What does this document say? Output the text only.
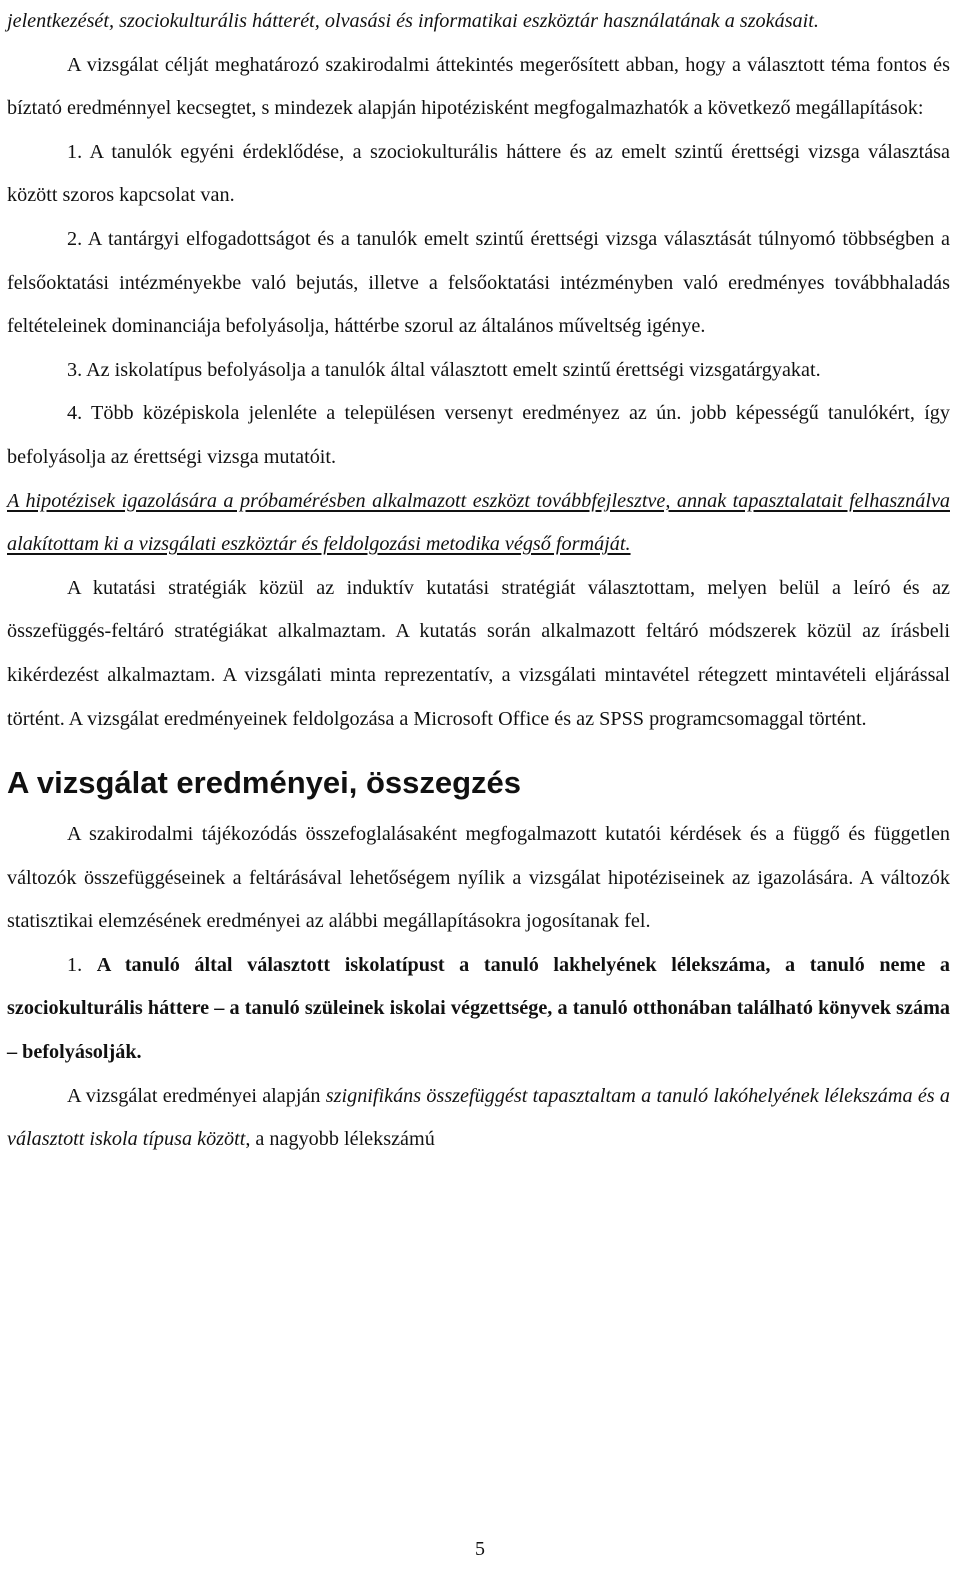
jelentkezését, szociokulturális hátterét, olvasási és informatikai eszköztár használatának a szokásait.

A vizsgálat célját meghatározó szakirodalmi áttekintés megerősített abban, hogy a választott téma fontos és bíztató eredménnyel kecsegtet, s mindezek alapján hipotézisként megfogalmazhatók a következő megállapítások:

1. A tanulók egyéni érdeklődése, a szociokulturális háttere és az emelt szintű érettségi vizsga választása között szoros kapcsolat van.

2. A tantárgyi elfogadottságot és a tanulók emelt szintű érettségi vizsga választását túlnyomó többségben a felsőoktatási intézményekbe való bejutás, illetve a felsőoktatási intézményben való eredményes továbbhaladás feltételeinek dominanciája befolyásolja, háttérbe szorul az általános műveltség igénye.

3. Az iskolatípus befolyásolja a tanulók által választott emelt szintű érettségi vizsgatárgyakat.

4. Több középiskola jelenléte a településen versenyt eredményez az ún. jobb képességű tanulókért, így befolyásolja az érettségi vizsga mutatóit.

A hipotézisek igazolására a próbamérésben alkalmazott eszközt továbbfejlesztve, annak tapasztalatait felhasználva alakítottam ki a vizsgálati eszköztár és feldolgozási metodika végső formáját.

A kutatási stratégiák közül az induktív kutatási stratégiát választottam, melyen belül a leíró és az összefüggés-feltáró stratégiákat alkalmaztam. A kutatás során alkalmazott feltáró módszerek közül az írásbeli kikérdezést alkalmaztam. A vizsgálati minta reprezentatív, a vizsgálati mintavétel rétegzett mintavételi eljárással történt. A vizsgálat eredményeinek feldolgozása a Microsoft Office és az SPSS programcsomaggal történt.

A vizsgálat eredményei, összegzés

A szakirodalmi tájékozódás összefoglalásaként megfogalmazott kutatói kérdések és a függő és független változók összefüggéseinek a feltárásával lehetőségem nyílik a vizsgálat hipotéziseinek az igazolására. A változók statisztikai elemzésének eredményei az alábbi megállapításokra jogosítanak fel.

1. A tanuló által választott iskolatípust a tanuló lakhelyének lélekszáma, a tanuló neme a szociokulturális háttere – a tanuló szüleinek iskolai végzettsége, a tanuló otthonában található könyvek száma – befolyásolják.

A vizsgálat eredményei alapján szignifikáns összefüggést tapasztaltam a tanuló lakóhelyének lélekszáma és a választott iskola típusa között, a nagyobb lélekszámú

5
